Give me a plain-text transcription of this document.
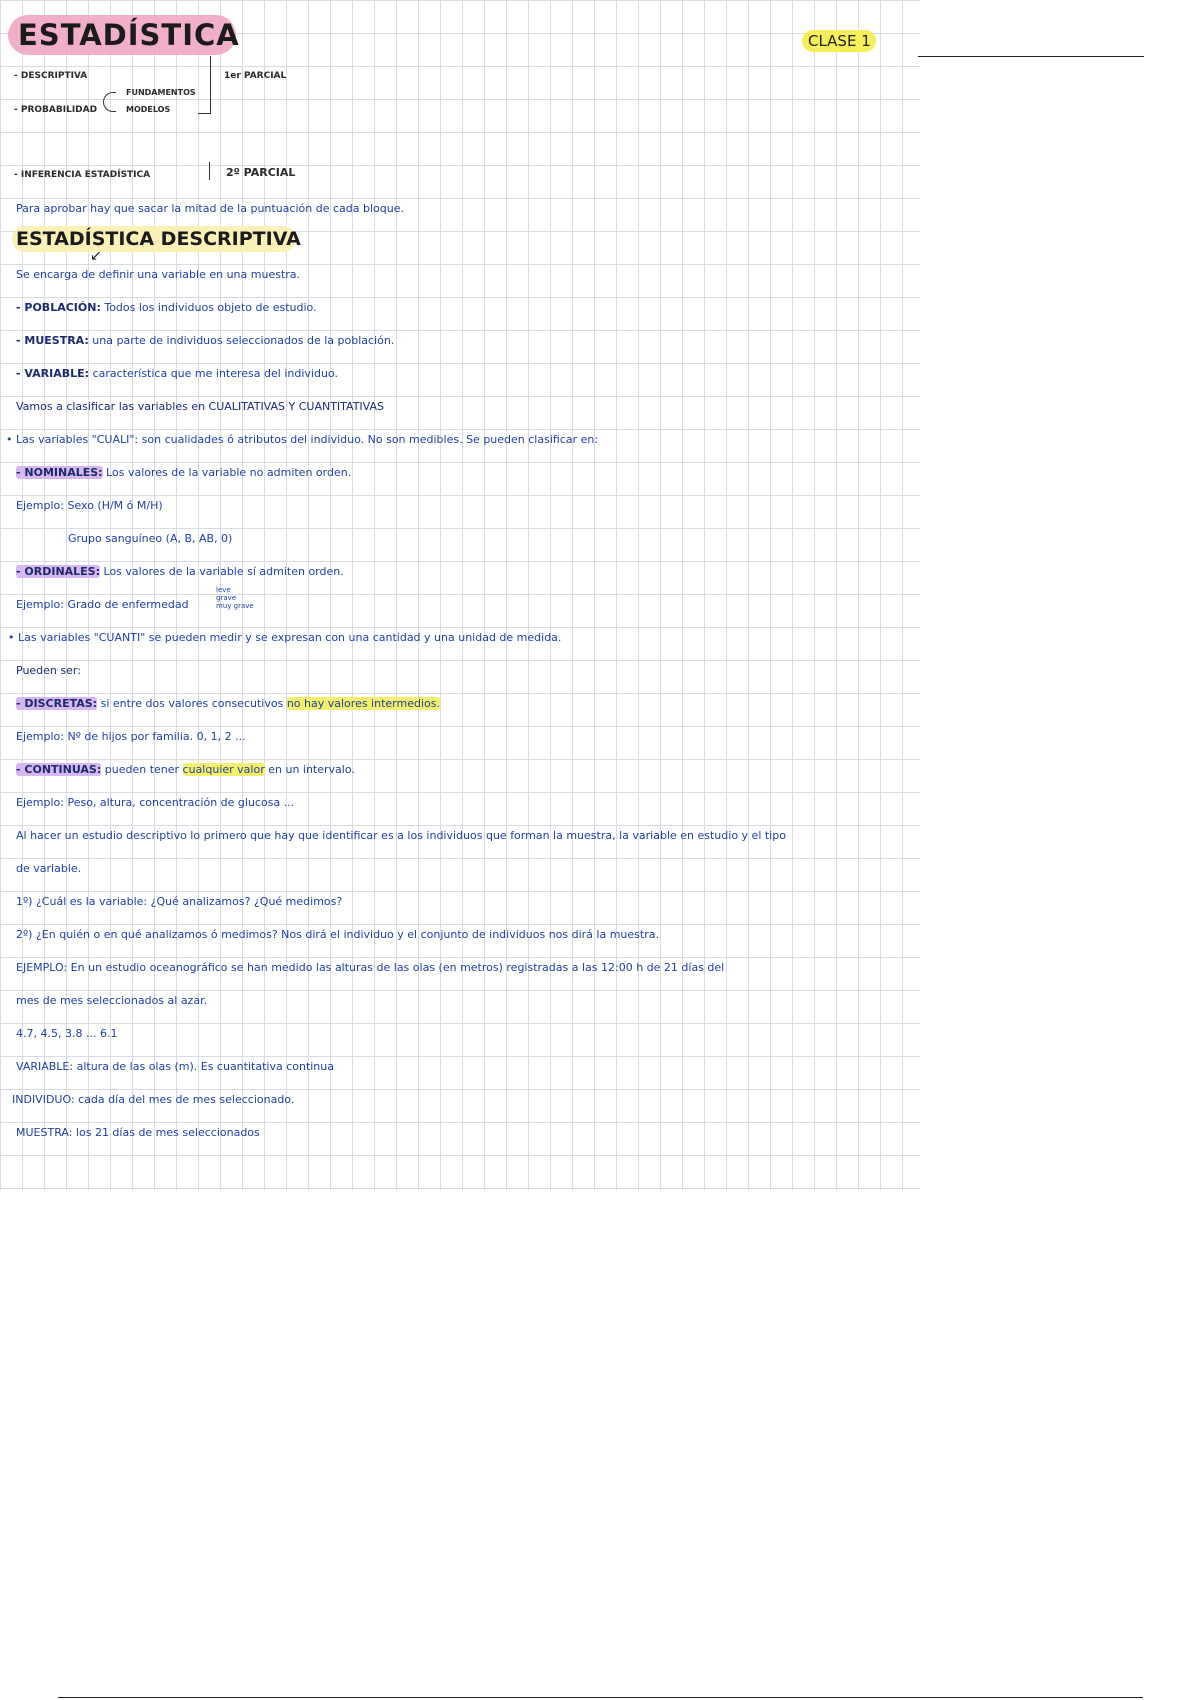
ESTADÍSTICA	CLASE 1
- DESCRIPTIVA
- PROBABILIDAD
FUNDAMENTOS
MODELOS
1er PARCIAL
- INFERENCIA ESTADÍSTICA	2º PARCIAL
Para aprobar hay que sacar la mitad de la puntuación de cada bloque.
ESTADÍSTICA DESCRIPTIVA
↙
Se encarga de definir una variable en una muestra.
- POBLACIÓN: Todos los individuos objeto de estudio.
- MUESTRA: una parte de individuos seleccionados de la población.
- VARIABLE: característica que me interesa del individuo.
Vamos a clasificar las variables en CUALITATIVAS Y CUANTITATIVAS
• Las variables "CUALI": son cualidades ó atributos del individuo. No son medibles. Se pueden clasificar en:
- NOMINALES: Los valores de la variable no admiten orden.
Ejemplo: Sexo (H/M ó M/H)
Grupo sanguíneo (A, B, AB, 0)
- ORDINALES: Los valores de la variable sí admiten orden.
Ejemplo: Grado de enfermedad
leve
grave
muy grave
• Las variables "CUANTI" se pueden medir y se expresan con una cantidad y una unidad de medida.
Pueden ser:
- DISCRETAS: si entre dos valores consecutivos no hay valores intermedios.
Ejemplo: Nº de hijos por familia. 0, 1, 2 ...
- CONTINUAS: pueden tener cualquier valor en un intervalo.
Ejemplo: Peso, altura, concentración de glucosa ...
Al hacer un estudio descriptivo lo primero que hay que identificar es a los individuos que forman la muestra, la variable en estudio y el tipo
de variable.
1º) ¿Cuál es la variable: ¿Qué analizamos? ¿Qué medimos?
2º) ¿En quién o en qué analizamos ó medimos? Nos dirá el individuo y el conjunto de individuos nos dirá la muestra.
EJEMPLO: En un estudio oceanográfico se han medido las alturas de las olas (en metros) registradas a las 12:00 h de 21 días del
mes de mes seleccionados al azar.
4.7, 4.5, 3.8 ... 6.1
VARIABLE: altura de las olas (m). Es cuantitativa continua
INDIVIDUO: cada día del mes de mes seleccionado.
MUESTRA: los 21 días de mes seleccionados
